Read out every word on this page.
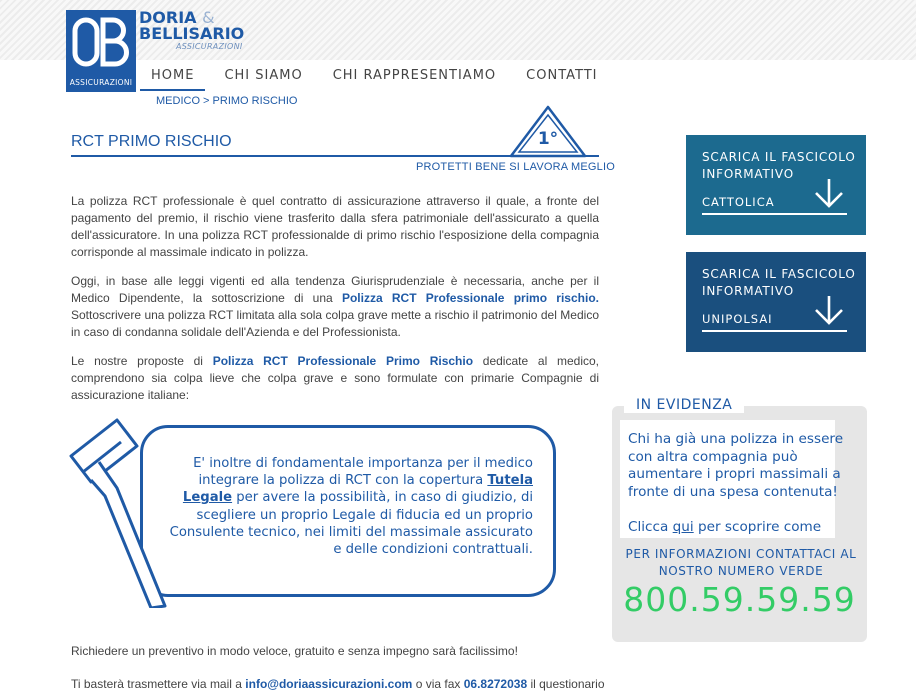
ASSICURAZIONI
DORIA &
BELLISARIO
ASSICURAZIONI
HOME	CHI SIAMO	CHI RAPPRESENTIAMO	CONTATTI
MEDICO > PRIMO RISCHIO
RCT PRIMO RISCHIO	1°
PROTETTI BENE SI LAVORA MEGLIO

La polizza RCT professionale è quel contratto di assicurazione attraverso il quale, a fronte del pagamento del premio, il rischio viene trasferito dalla sfera patrimoniale dell'assicurato a quella dell'assicuratore. In una polizza RCT professionalde di primo rischio l'esposizione della compagnia corrisponde al massimale indicato in polizza.

Oggi, in base alle leggi vigenti ed alla tendenza Giurisprudenziale è necessaria, anche per il Medico Dipendente, la sottoscrizione di una Polizza RCT Professionale primo rischio. Sottoscrivere una polizza RCT limitata alla sola colpa grave mette a rischio il patrimonio del Medico in caso di condanna solidale dell'Azienda e del Professionista.

Le nostre proposte di Polizza RCT Professionale Primo Rischio dedicate al medico, comprendono sia colpa lieve che colpa grave e sono formulate con primarie Compagnie di assicurazione italiane:

E' inoltre di fondamentale importanza per il medico integrare la polizza di RCT con la copertura Tutela Legale per avere la possibilità, in caso di giudizio, di scegliere un proprio Legale di fiducia ed un proprio Consulente tecnico, nei limiti del massimale assicurato e delle condizioni contrattuali.
Richiedere un preventivo in modo veloce, gratuito e senza impegno sarà facilissimo!
Ti basterà trasmettere via mail a info@doriaassicurazioni.com o via fax 06.8272038 il questionario
SCARICA IL FASCICOLO INFORMATIVO
CATTOLICA
SCARICA IL FASCICOLO INFORMATIVO
UNIPOLSAI
IN EVIDENZA
Chi ha già una polizza in essere con altra compagnia può aumentare i propri massimali a fronte di una spesa contenuta!

Clicca qui per scoprire come
PER INFORMAZIONI CONTATTACI AL NOSTRO NUMERO VERDE
800.59.59.59
